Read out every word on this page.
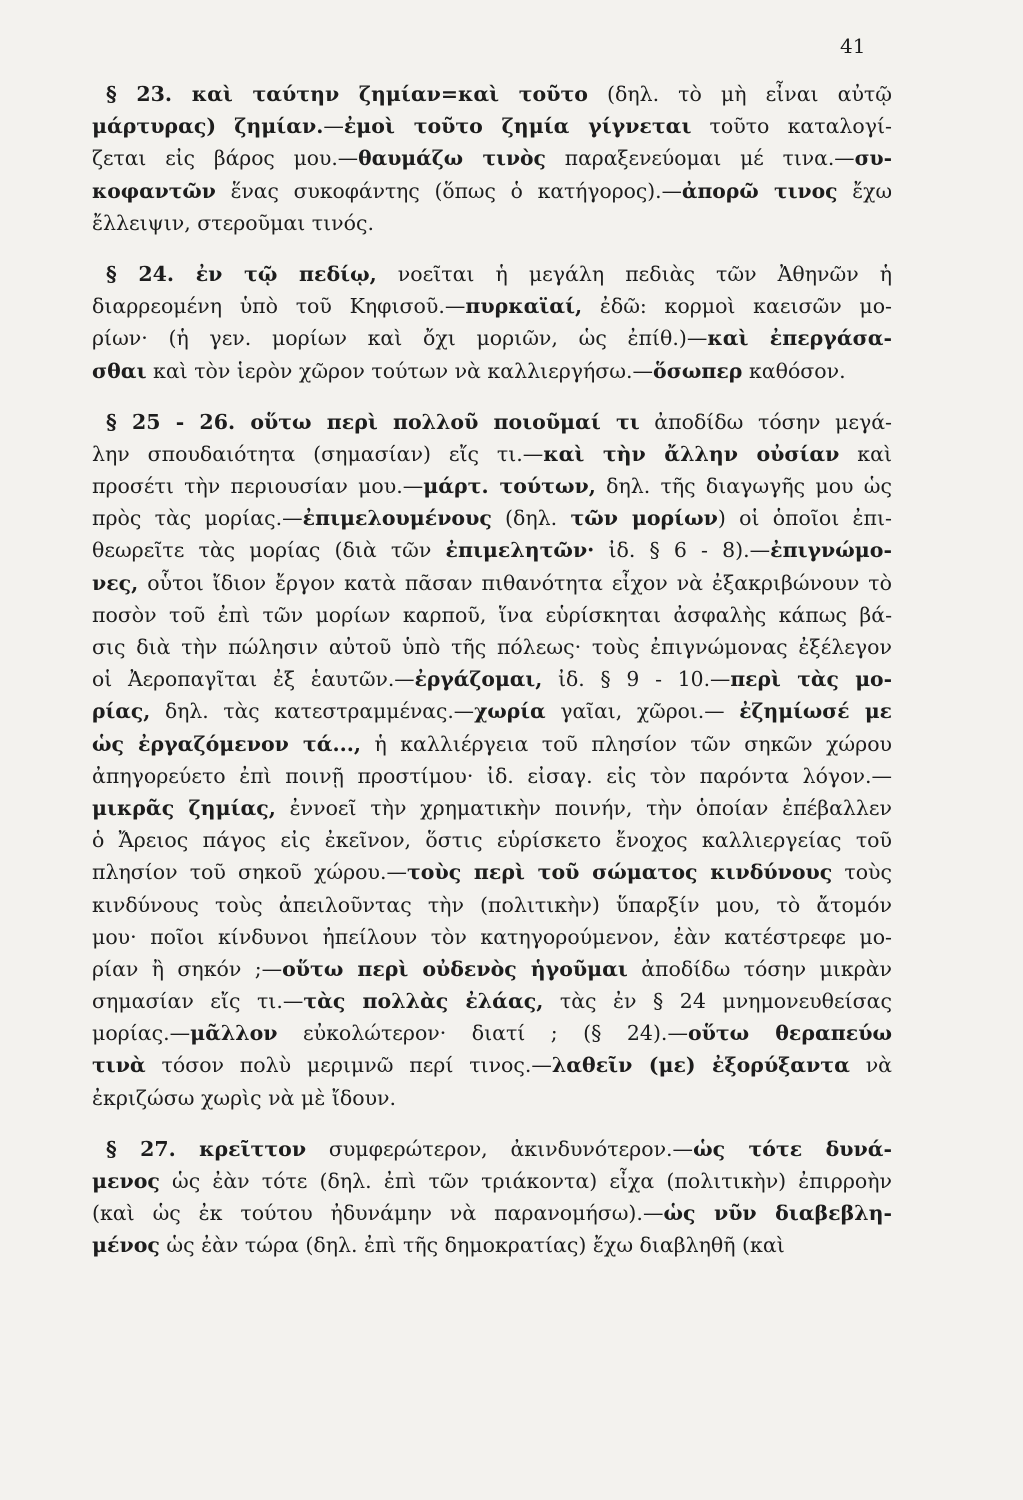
41
§ 23. καὶ ταύτην ζημίαν=καὶ τοῦτο (δηλ. τὸ μὴ εἶναι αὐτῷ
μάρτυρας) ζημίαν.—ἐμοὶ τοῦτο ζημία γίγνεται τοῦτο καταλογί-
ζεται εἰς βάρος μου.—θαυμάζω τινὸς παραξενεύομαι μέ τινα.—συ-
κοφαντῶν ἕνας συκοφάντης (ὅπως ὁ κατήγορος).—ἀπορῶ τινος ἔχω
ἔλλειψιν, στεροῦμαι τινός.
§ 24. ἐν τῷ πεδίῳ, νοεῖται ἡ μεγάλη πεδιὰς τῶν Ἀθηνῶν ἡ
διαρρεομένη ὑπὸ τοῦ Κηφισοῦ.—πυρκαϊαί, ἐδῶ: κορμοὶ καεισῶν μο-
ρίων· (ἡ γεν. μορίων καὶ ὄχι μοριῶν, ὡς ἐπίθ.)—καὶ ἐπεργάσα-
σθαι καὶ τὸν ἱερὸν χῶρον τούτων νὰ καλλιεργήσω.—ὅσωπερ καθόσον.
§ 25 - 26. οὕτω περὶ πολλοῦ ποιοῦμαί τι ἀποδίδω τόσην μεγά-
λην σπουδαιότητα (σημασίαν) εἴς τι.—καὶ τὴν ἄλλην οὐσίαν καὶ
προσέτι τὴν περιουσίαν μου.—μάρτ. τούτων, δηλ. τῆς διαγωγῆς μου ὡς
πρὸς τὰς μορίας.—ἐπιμελουμένους (δηλ. τῶν μορίων) οἱ ὁποῖοι ἐπι-
θεωρεῖτε τὰς μορίας (διὰ τῶν ἐπιμελητῶν· ἰδ. § 6 - 8).—ἐπιγνώμο-
νες, οὗτοι ἴδιον ἔργον κατὰ πᾶσαν πιθανότητα εἶχον νὰ ἐξακριβώνουν τὸ
ποσὸν τοῦ ἐπὶ τῶν μορίων καρποῦ, ἵνα εὑρίσκηται ἀσφαλὴς κάπως βά-
σις διὰ τὴν πώλησιν αὐτοῦ ὑπὸ τῆς πόλεως· τοὺς ἐπιγνώμονας ἐξέλεγον
οἱ Ἀεροπαγῖται ἐξ ἑαυτῶν.—ἐργάζομαι, ἰδ. § 9 - 10.—περὶ τὰς μο-
ρίας, δηλ. τὰς κατεστραμμένας.—χωρία γαῖαι, χῶροι.— ἐζημίωσέ με
ὡς ἐργαζόμενον τά..., ἡ καλλιέργεια τοῦ πλησίον τῶν σηκῶν χώρου
ἀπηγορεύετο ἐπὶ ποινῇ προστίμου· ἰδ. εἰσαγ. εἰς τὸν παρόντα λόγον.—
μικρᾶς ζημίας, ἐννοεῖ τὴν χρηματικὴν ποινήν, τὴν ὁποίαν ἐπέβαλλεν
ὁ Ἄρειος πάγος εἰς ἐκεῖνον, ὅστις εὑρίσκετο ἔνοχος καλλιεργείας τοῦ
πλησίον τοῦ σηκοῦ χώρου.—τοὺς περὶ τοῦ σώματος κινδύνους τοὺς
κινδύνους τοὺς ἀπειλοῦντας τὴν (πολιτικὴν) ὕπαρξίν μου, τὸ ἄτομόν
μου· ποῖοι κίνδυνοι ἠπείλουν τὸν κατηγορούμενον, ἐὰν κατέστρεφε μο-
ρίαν ἢ σηκόν ;—οὕτω περὶ οὐδενὸς ἡγοῦμαι ἀποδίδω τόσην μικρὰν
σημασίαν εἴς τι.—τὰς πολλὰς ἐλάας, τὰς ἐν § 24 μνημονευθείσας
μορίας.—μᾶλλον εὐκολώτερον· διατί ; (§ 24).—οὕτω θεραπεύω
τινὰ τόσον πολὺ μεριμνῶ περί τινος.—λαθεῖν (με) ἐξορύξαντα νὰ
ἐκριζώσω χωρὶς νὰ μὲ ἴδουν.
§ 27. κρεῖττον συμφερώτερον, ἀκινδυνότερον.—ὡς τότε δυνά-
μενος ὡς ἐὰν τότε (δηλ. ἐπὶ τῶν τριάκοντα) εἶχα (πολιτικὴν) ἐπιρροὴν
(καὶ ὡς ἐκ τούτου ἠδυνάμην νὰ παρανομήσω).—ὡς νῦν διαβεβλη-
μένος ὡς ἐὰν τώρα (δηλ. ἐπὶ τῆς δημοκρατίας) ἔχω διαβληθῆ (καὶ
